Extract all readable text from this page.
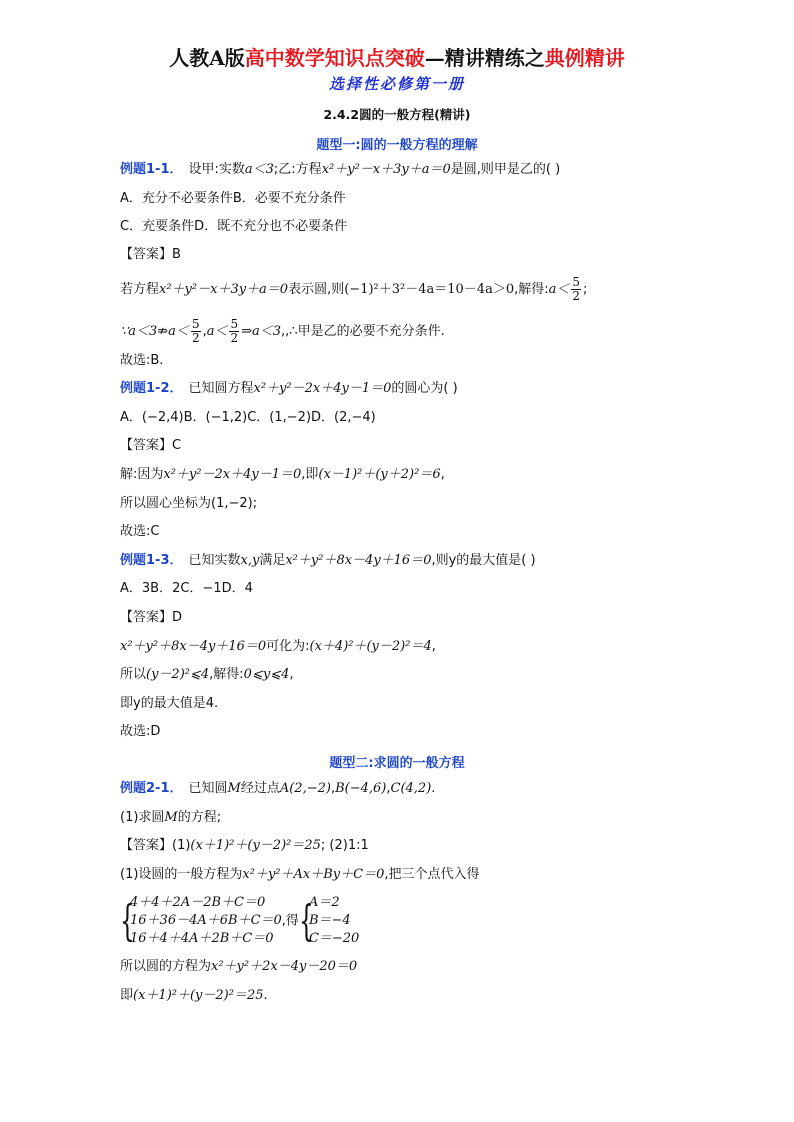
人教A版高中数学知识点突破—精讲精练之典例精讲
选择性必修第一册
2.4.2圆的一般方程(精讲)
题型一:圆的一般方程的理解
例题1-1． 设甲:实数a＜3;乙:方程x²＋y²－x＋3y＋a＝0是圆,则甲是乙的( )
A．充分不必要条件B．必要不充分条件
C．充要条件D．既不充分也不必要条件
【答案】B
若方程x²＋y²－x＋3y＋a＝0表示圆,则(−1)²＋3²－4a＝10－4a＞0,解得:a＜ $\frac{5}{2}$ ;
∵a＜3⇏a＜ $\frac{5}{2} ,a< \frac{5}{2}$ ⇒a＜3,,∴甲是乙的必要不充分条件.
故选:B.
例题1-2． 已知圆方程x²＋y²－2x＋4y－1＝0的圆心为( )
A．(−2,4)B．(−1,2)C．(1,−2)D．(2,−4)
【答案】C
解:因为x²＋y²－2x＋4y－1＝0,即(x－1)²＋(y＋2)²＝6,
所以圆心坐标为(1,−2);
故选:C
例题1-3． 已知实数x,y满足x²＋y²＋8x－4y＋16＝0,则y的最大值是( )
A．3B．2C．−1D．4
【答案】D
x²＋y²＋8x－4y＋16＝0可化为:(x＋4)²＋(y－2)²＝4,
所以(y－2)²⩽4,解得:0⩽y⩽4,
即y的最大值是4.
故选:D
题型二:求圆的一般方程
例题2-1． 已知圆M经过点A(2,−2),B(−4,6),C(4,2).
(1)求圆M的方程;
【答案】(1)(x＋1)²＋(y－2)²＝25; (2)1:1
(1)设圆的一般方程为x²＋y²＋Ax＋By＋C＝0,把三个点代入得
{
4＋4＋2A－2B＋C＝0
16＋36－4A＋6B＋C＝0
16＋4＋4A＋2B＋C＝0
,得 {
A＝2
B＝−4
C＝−20
所以圆的方程为x²＋y²＋2x－4y－20＝0
即(x＋1)²＋(y－2)²＝25.
